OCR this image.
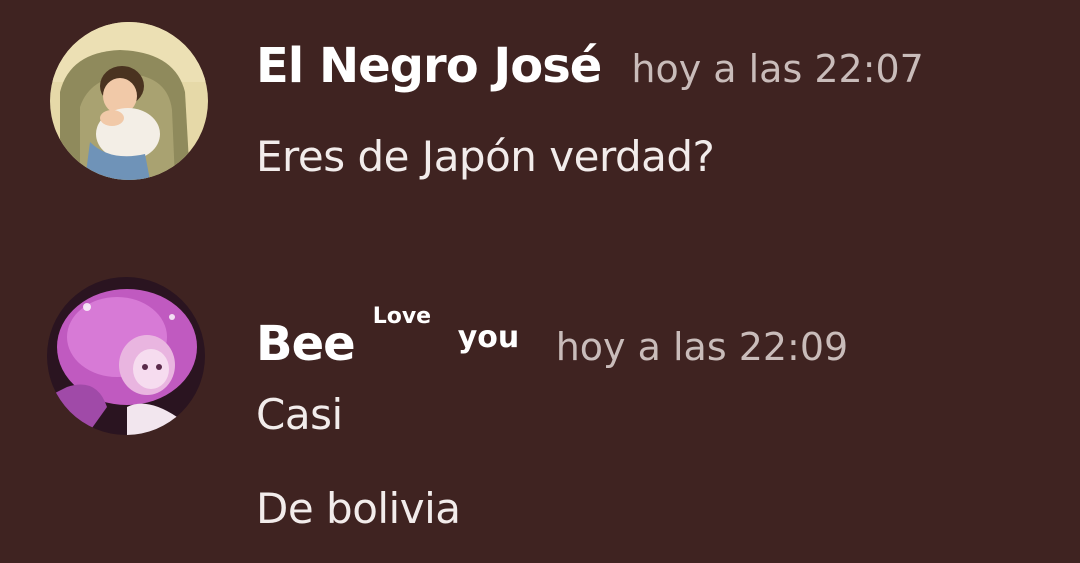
El Negro José hoy a las 22:07
Eres de Japón verdad?
Bee Love
you hoy a las 22:09
Casi
De bolivia
